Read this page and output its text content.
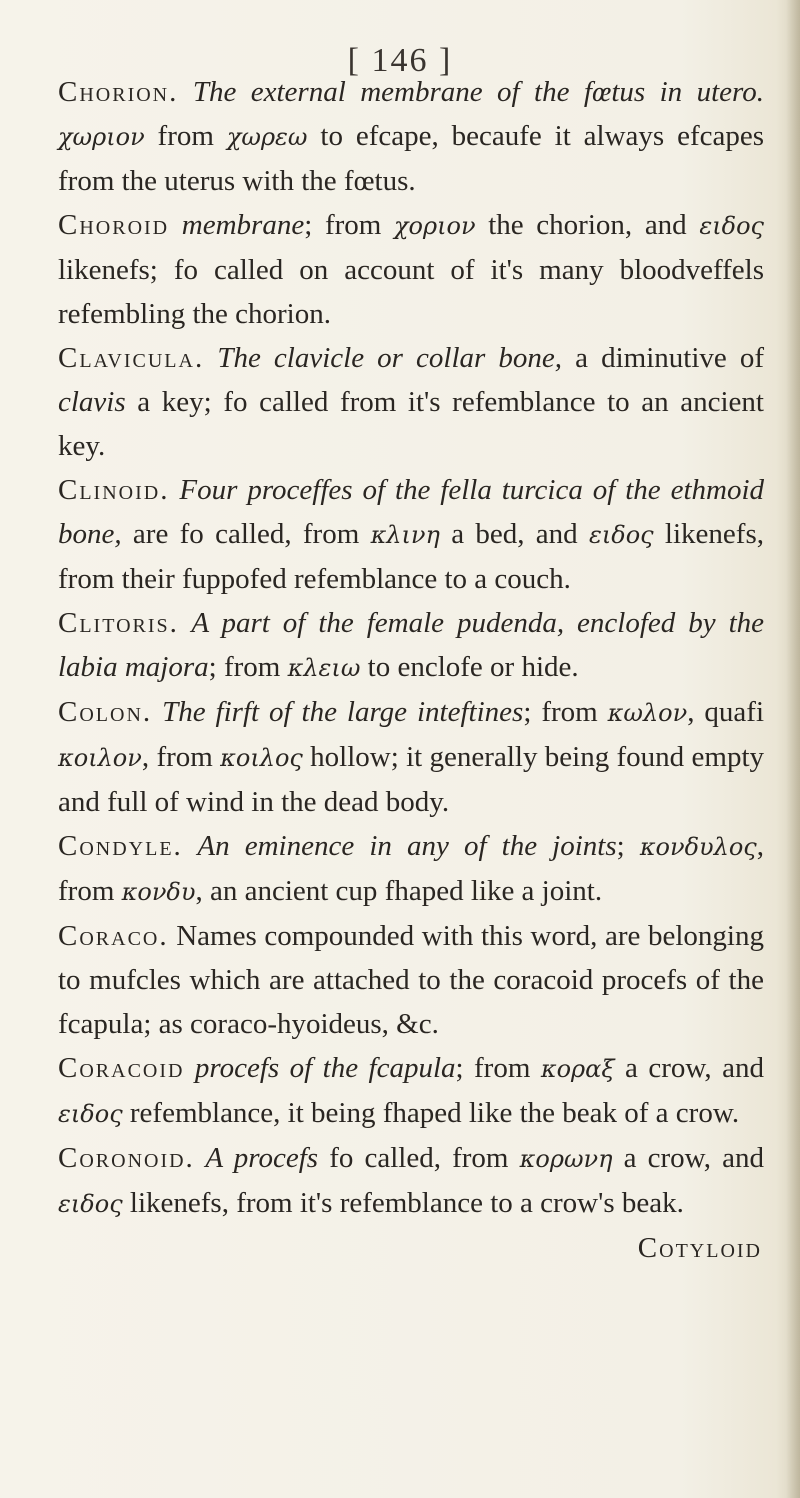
[ 146 ]

Chorion. The external membrane of the fœtus in utero. χωριον from χωρεω to efcape, becaufe it always efcapes from the uterus with the fœtus.

Choroid membrane; from χοριον the chorion, and ειδος likenefs; fo called on account of it's many bloodveffels refembling the chorion.

Clavicula. The clavicle or collar bone, a diminutive of clavis a key; fo called from it's refemblance to an ancient key.

Clinoid. Four proceffes of the fella turcica of the ethmoid bone, are fo called, from κλινη a bed, and ειδος likenefs, from their fuppofed refemblance to a couch.

Clitoris. A part of the female pudenda, enclofed by the labia majora; from κλειω to enclofe or hide.

Colon. The firft of the large inteftines; from κωλον, quafi κοιλον, from κοιλος hollow; it generally being found empty and full of wind in the dead body.

Condyle. An eminence in any of the joints; κονδυλος, from κονδυ, an ancient cup fhaped like a joint.

Coraco. Names compounded with this word, are belonging to mufcles which are attached to the coracoid procefs of the fcapula; as coraco-hyoideus, &c.

Coracoid procefs of the fcapula; from κοραξ a crow, and ειδος refemblance, it being fhaped like the beak of a crow.

Coronoid. A procefs fo called, from κορωνη a crow, and ειδος likenefs, from it's refemblance to a crow's beak.

Cotyloid
